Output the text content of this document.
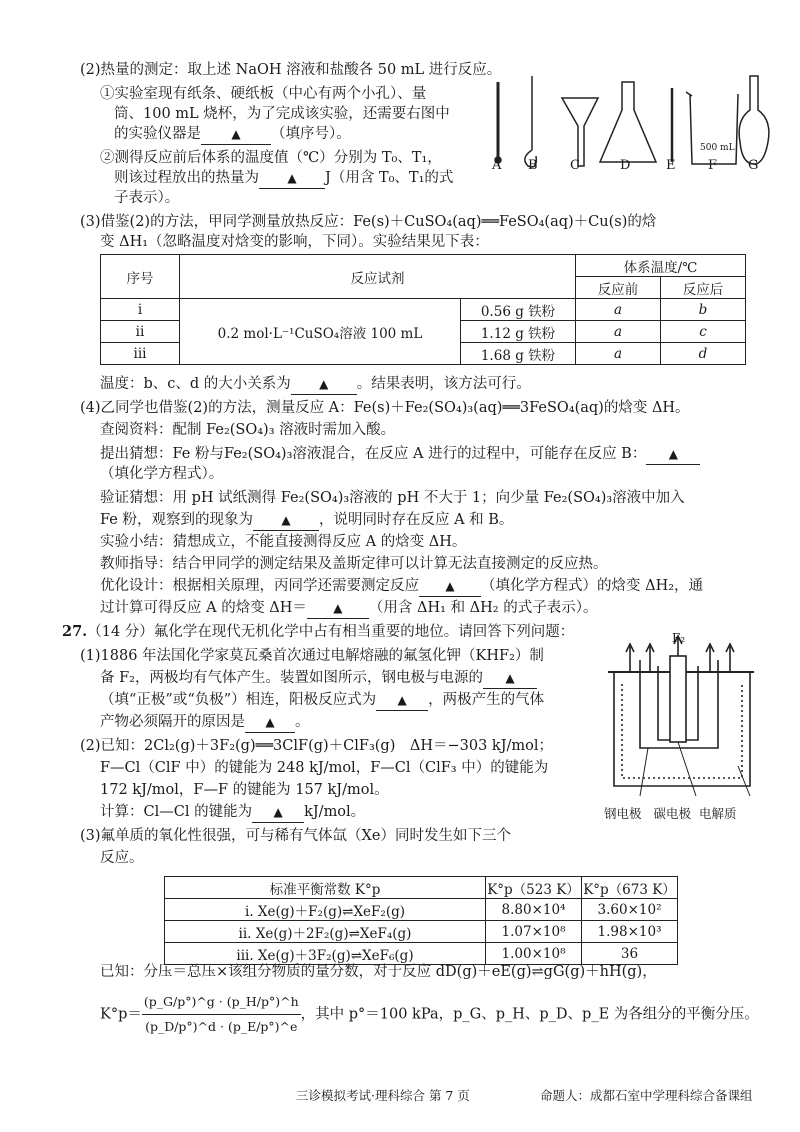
(2)热量的测定：取上述 NaOH 溶液和盐酸各 50 mL 进行反应。
①实验室现有纸条、硬纸板（中心有两个小孔）、量
筒、100 mL 烧杯，为了完成该实验，还需要右图中
的实验仪器是	▲ （填序号）。
②测得反应前后体系的温度值（℃）分别为 T₀、T₁，
则该过程放出的热量为 ▲ J（用含 T₀、T₁的式
子表示）。
500 mL
A B C	D	E	F G
(3)借鉴(2)的方法，甲同学测量放热反应：Fe(s)＋CuSO₄(aq)══FeSO₄(aq)＋Cu(s)的焓
变 ΔH₁（忽略温度对焓变的影响，下同）。实验结果见下表：
序号	反应试剂		体系温度/℃	
			反应前	反应后
i	0.2 mol·L⁻¹CuSO₄溶液 100 mL	0.56 g 铁粉	a	b
ii		1.12 g 铁粉	a	c
iii		1.68 g 铁粉	a	d
温度：b、c、d 的大小关系为 ▲ 。结果表明，该方法可行。
(4)乙同学也借鉴(2)的方法，测量反应 A：Fe(s)＋Fe₂(SO₄)₃(aq)══3FeSO₄(aq)的焓变 ΔH。
查阅资料：配制 Fe₂(SO₄)₃ 溶液时需加入酸。
提出猜想：Fe 粉与Fe₂(SO₄)₃溶液混合，在反应 A 进行的过程中，可能存在反应 B： ▲
（填化学方程式）。
验证猜想：用 pH 试纸测得 Fe₂(SO₄)₃溶液的 pH 不大于 1；向少量 Fe₂(SO₄)₃溶液中加入
Fe 粉，观察到的现象为 ▲ ，说明同时存在反应 A 和 B。
实验小结：猜想成立，不能直接测得反应 A 的焓变 ΔH。
教师指导：结合甲同学的测定结果及盖斯定律可以计算无法直接测定的反应热。
优化设计：根据相关原理，丙同学还需要测定反应 ▲ （填化学方程式）的焓变 ΔH₂，通
过计算可得反应 A 的焓变 ΔH＝ ▲ （用含 ΔH₁ 和 ΔH₂ 的式子表示）。
27.（14 分）氟化学在现代无机化学中占有相当重要的地位。请回答下列问题：
(1)1886 年法国化学家莫瓦桑首次通过电解熔融的氟氢化钾（KHF₂）制
备 F₂，两极均有气体产生。装置如图所示，钢电极与电源的 ▲
（填“正极”或“负极”）相连，阳极反应式为 ▲ ，两极产生的气体
产物必须隔开的原因是 ▲ 。
F₂
钢电极 碳电极 电解质
(2)已知：2Cl₂(g)＋3F₂(g)══3ClF(g)＋ClF₃(g)　ΔH＝−303 kJ/mol；
F—Cl（ClF 中）的键能为 248 kJ/mol，F—Cl（ClF₃ 中）的键能为
172 kJ/mol，F—F 的键能为 157 kJ/mol。
计算：Cl—Cl 的键能为 ▲ kJ/mol。
(3)氟单质的氧化性很强，可与稀有气体氙（Xe）同时发生如下三个
反应。
标准平衡常数 K°p	K°p（523 K）	K°p（673 K）
i. Xe(g)＋F₂(g)⇌XeF₂(g)	8.80×10⁴	3.60×10²
ii. Xe(g)＋2F₂(g)⇌XeF₄(g)	1.07×10⁸	1.98×10³
iii. Xe(g)＋3F₂(g)⇌XeF₆(g)	1.00×10⁸	36
已知：分压＝总压×该组分物质的量分数，对于反应 dD(g)＋eE(g)⇌gG(g)＋hH(g)，
$K^\circ p= \frac{(p\_G/p^\circ)\^{}g \cdot (p\_H/p^\circ)\^{}h}{(p\_D/p^\circ)\^{}d \cdot (p\_E/p^\circ)\^{}e}$ ，其中 p°＝100 kPa，p_G、p_H、p_D、p_E 为各组分的平衡分压。
三诊模拟考试·理科综合 第 7 页	命题人：成都石室中学理科综合备课组
